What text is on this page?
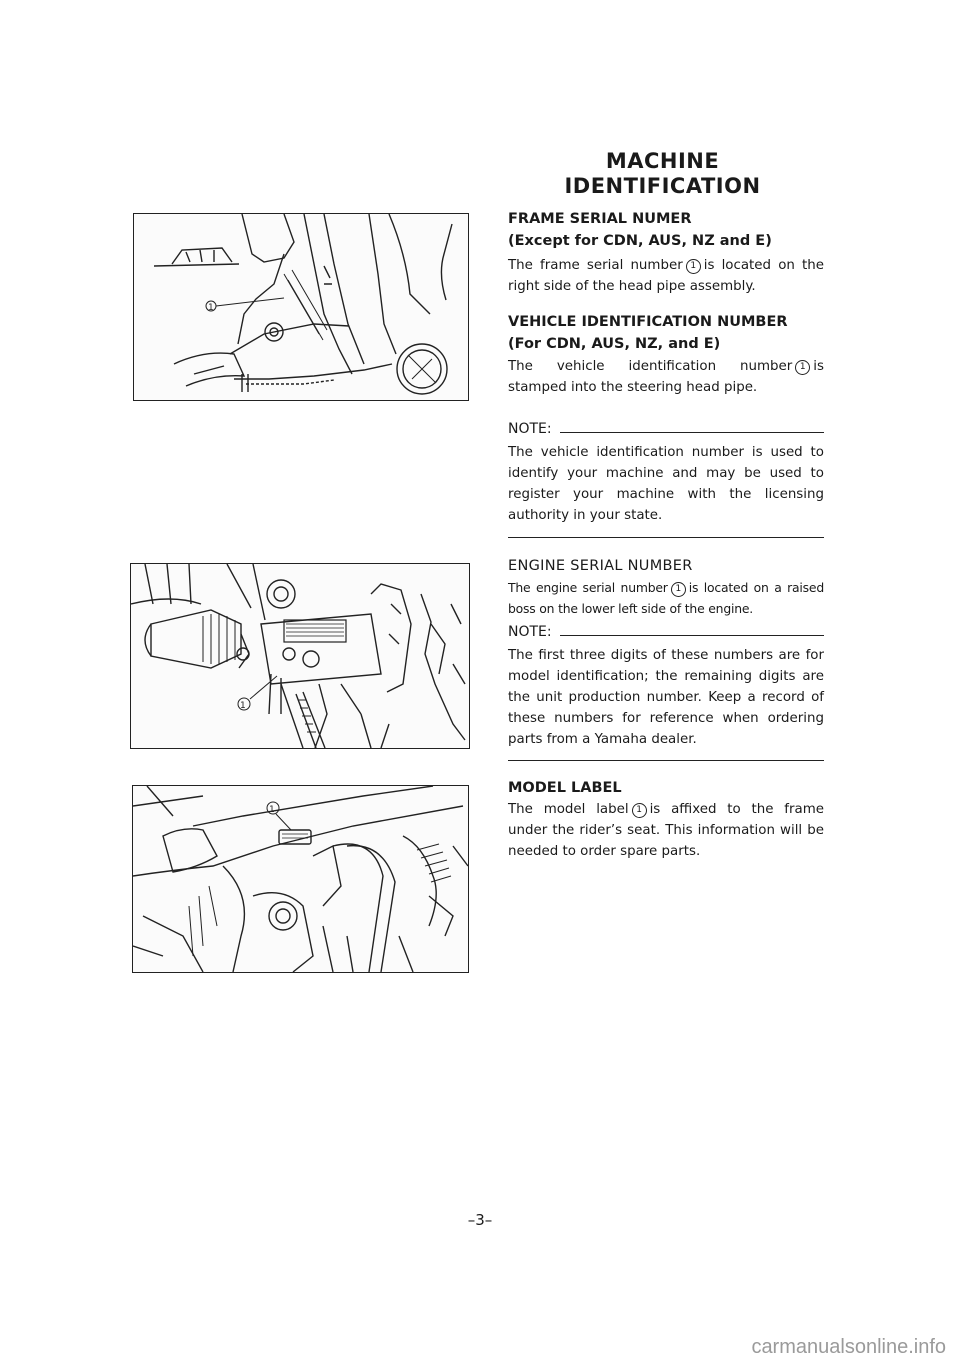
MACHINE
IDENTIFICATION
1
1
1

FRAME SERIAL NUMER

(Except for CDN, AUS, NZ and E)

The frame serial number 1 is located on the right side of the head pipe assembly.

VEHICLE IDENTIFICATION NUMBER

(For CDN, AUS, NZ, and E)

The vehicle identification number 1 is stamped into the steering head pipe.

NOTE:

The vehicle identification number is used to identify your machine and may be used to register your machine with the licensing authority in your state.

ENGINE SERIAL NUMBER

The engine serial number 1 is located on a raised boss on the lower left side of the engine.

NOTE:

The first three digits of these numbers are for model identification; the remaining digits are the unit production number. Keep a record of these numbers for reference when ordering parts from a Yamaha dealer.

MODEL LABEL

The model label 1 is affixed to the frame under the rider’s seat. This information will be needed to order spare parts.

–3–

carmanualsonline.info
